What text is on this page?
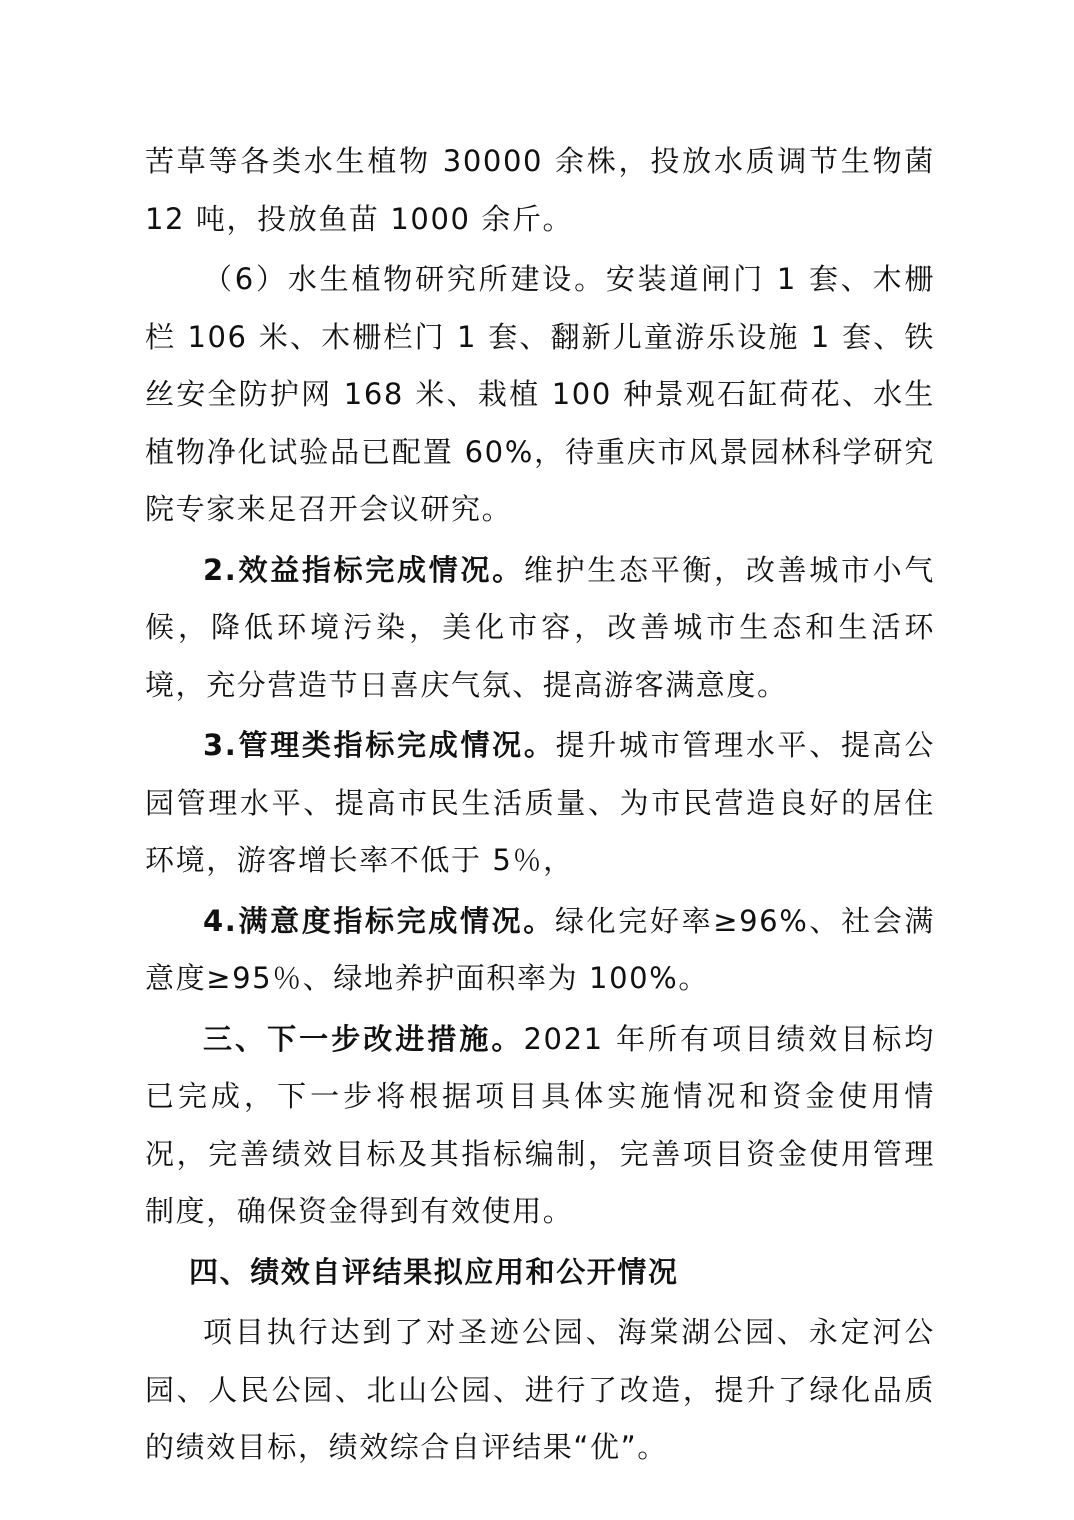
苦草等各类水生植物 30000 余株，投放水质调节生物菌 12 吨，投放鱼苗 1000 余斤。

（6）水生植物研究所建设。安装道闸门 1 套、木栅栏 106 米、木栅栏门 1 套、翻新儿童游乐设施 1 套、铁丝安全防护网 168 米、栽植 100 种景观石缸荷花、水生植物净化试验品已配置 60%，待重庆市风景园林科学研究院专家来足召开会议研究。

2.效益指标完成情况。维护生态平衡，改善城市小气候，降低环境污染，美化市容，改善城市生态和生活环境，充分营造节日喜庆气氛、提高游客满意度。

3.管理类指标完成情况。提升城市管理水平、提高公园管理水平、提高市民生活质量、为市民营造良好的居住环境，游客增长率不低于 5％，

4.满意度指标完成情况。绿化完好率≥96%、社会满意度≥95％、绿地养护面积率为 100%。

三、下一步改进措施。2021 年所有项目绩效目标均已完成，下一步将根据项目具体实施情况和资金使用情况，完善绩效目标及其指标编制，完善项目资金使用管理制度，确保资金得到有效使用。

四、绩效自评结果拟应用和公开情况

项目执行达到了对圣迹公园、海棠湖公园、永定河公园、人民公园、北山公园、进行了改造，提升了绿化品质的绩效目标，绩效综合自评结果“优”。
